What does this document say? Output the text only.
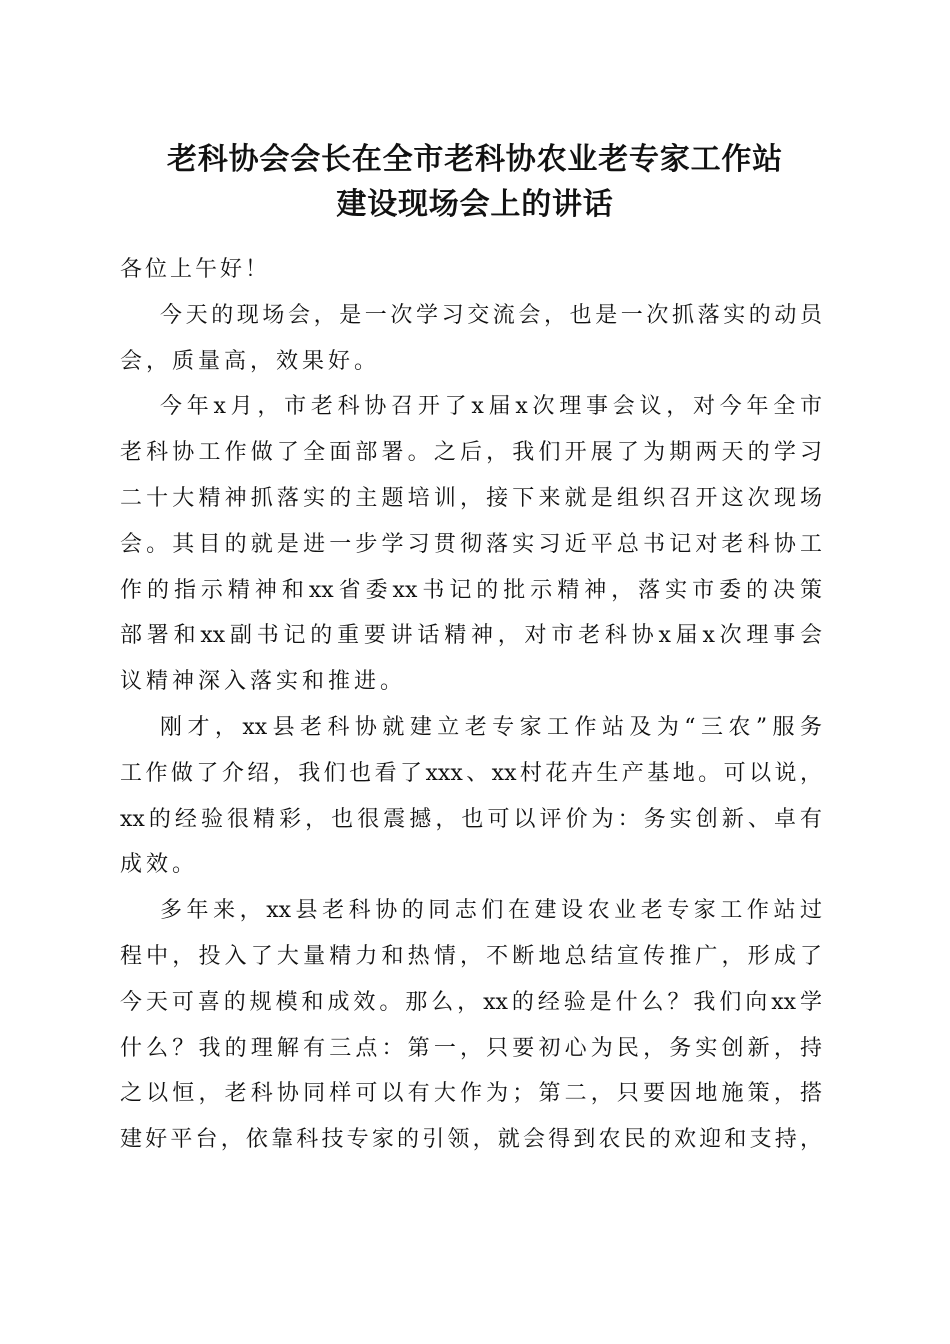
老科协会会长在全市老科协农业老专家工作站
建设现场会上的讲话
各位上午好！
今天的现场会，是一次学习交流会，也是一次抓落实的动员
会，质量高，效果好。
今年x月，市老科协召开了x届x次理事会议，对今年全市
老科协工作做了全面部署。之后，我们开展了为期两天的学习
二十大精神抓落实的主题培训，接下来就是组织召开这次现场
会。其目的就是进一步学习贯彻落实习近平总书记对老科协工
作的指示精神和xx省委xx书记的批示精神，落实市委的决策
部署和xx副书记的重要讲话精神，对市老科协x届x次理事会
议精神深入落实和推进。
刚才，xx县老科协就建立老专家工作站及为“三农”服务
工作做了介绍，我们也看了xxx、xx村花卉生产基地。可以说，
xx的经验很精彩，也很震撼，也可以评价为：务实创新、卓有
成效。
多年来，xx县老科协的同志们在建设农业老专家工作站过
程中，投入了大量精力和热情，不断地总结宣传推广，形成了
今天可喜的规模和成效。那么，xx的经验是什么？我们向xx学
什么？我的理解有三点：第一，只要初心为民，务实创新，持
之以恒，老科协同样可以有大作为；第二，只要因地施策，搭
建好平台，依靠科技专家的引领，就会得到农民的欢迎和支持，
